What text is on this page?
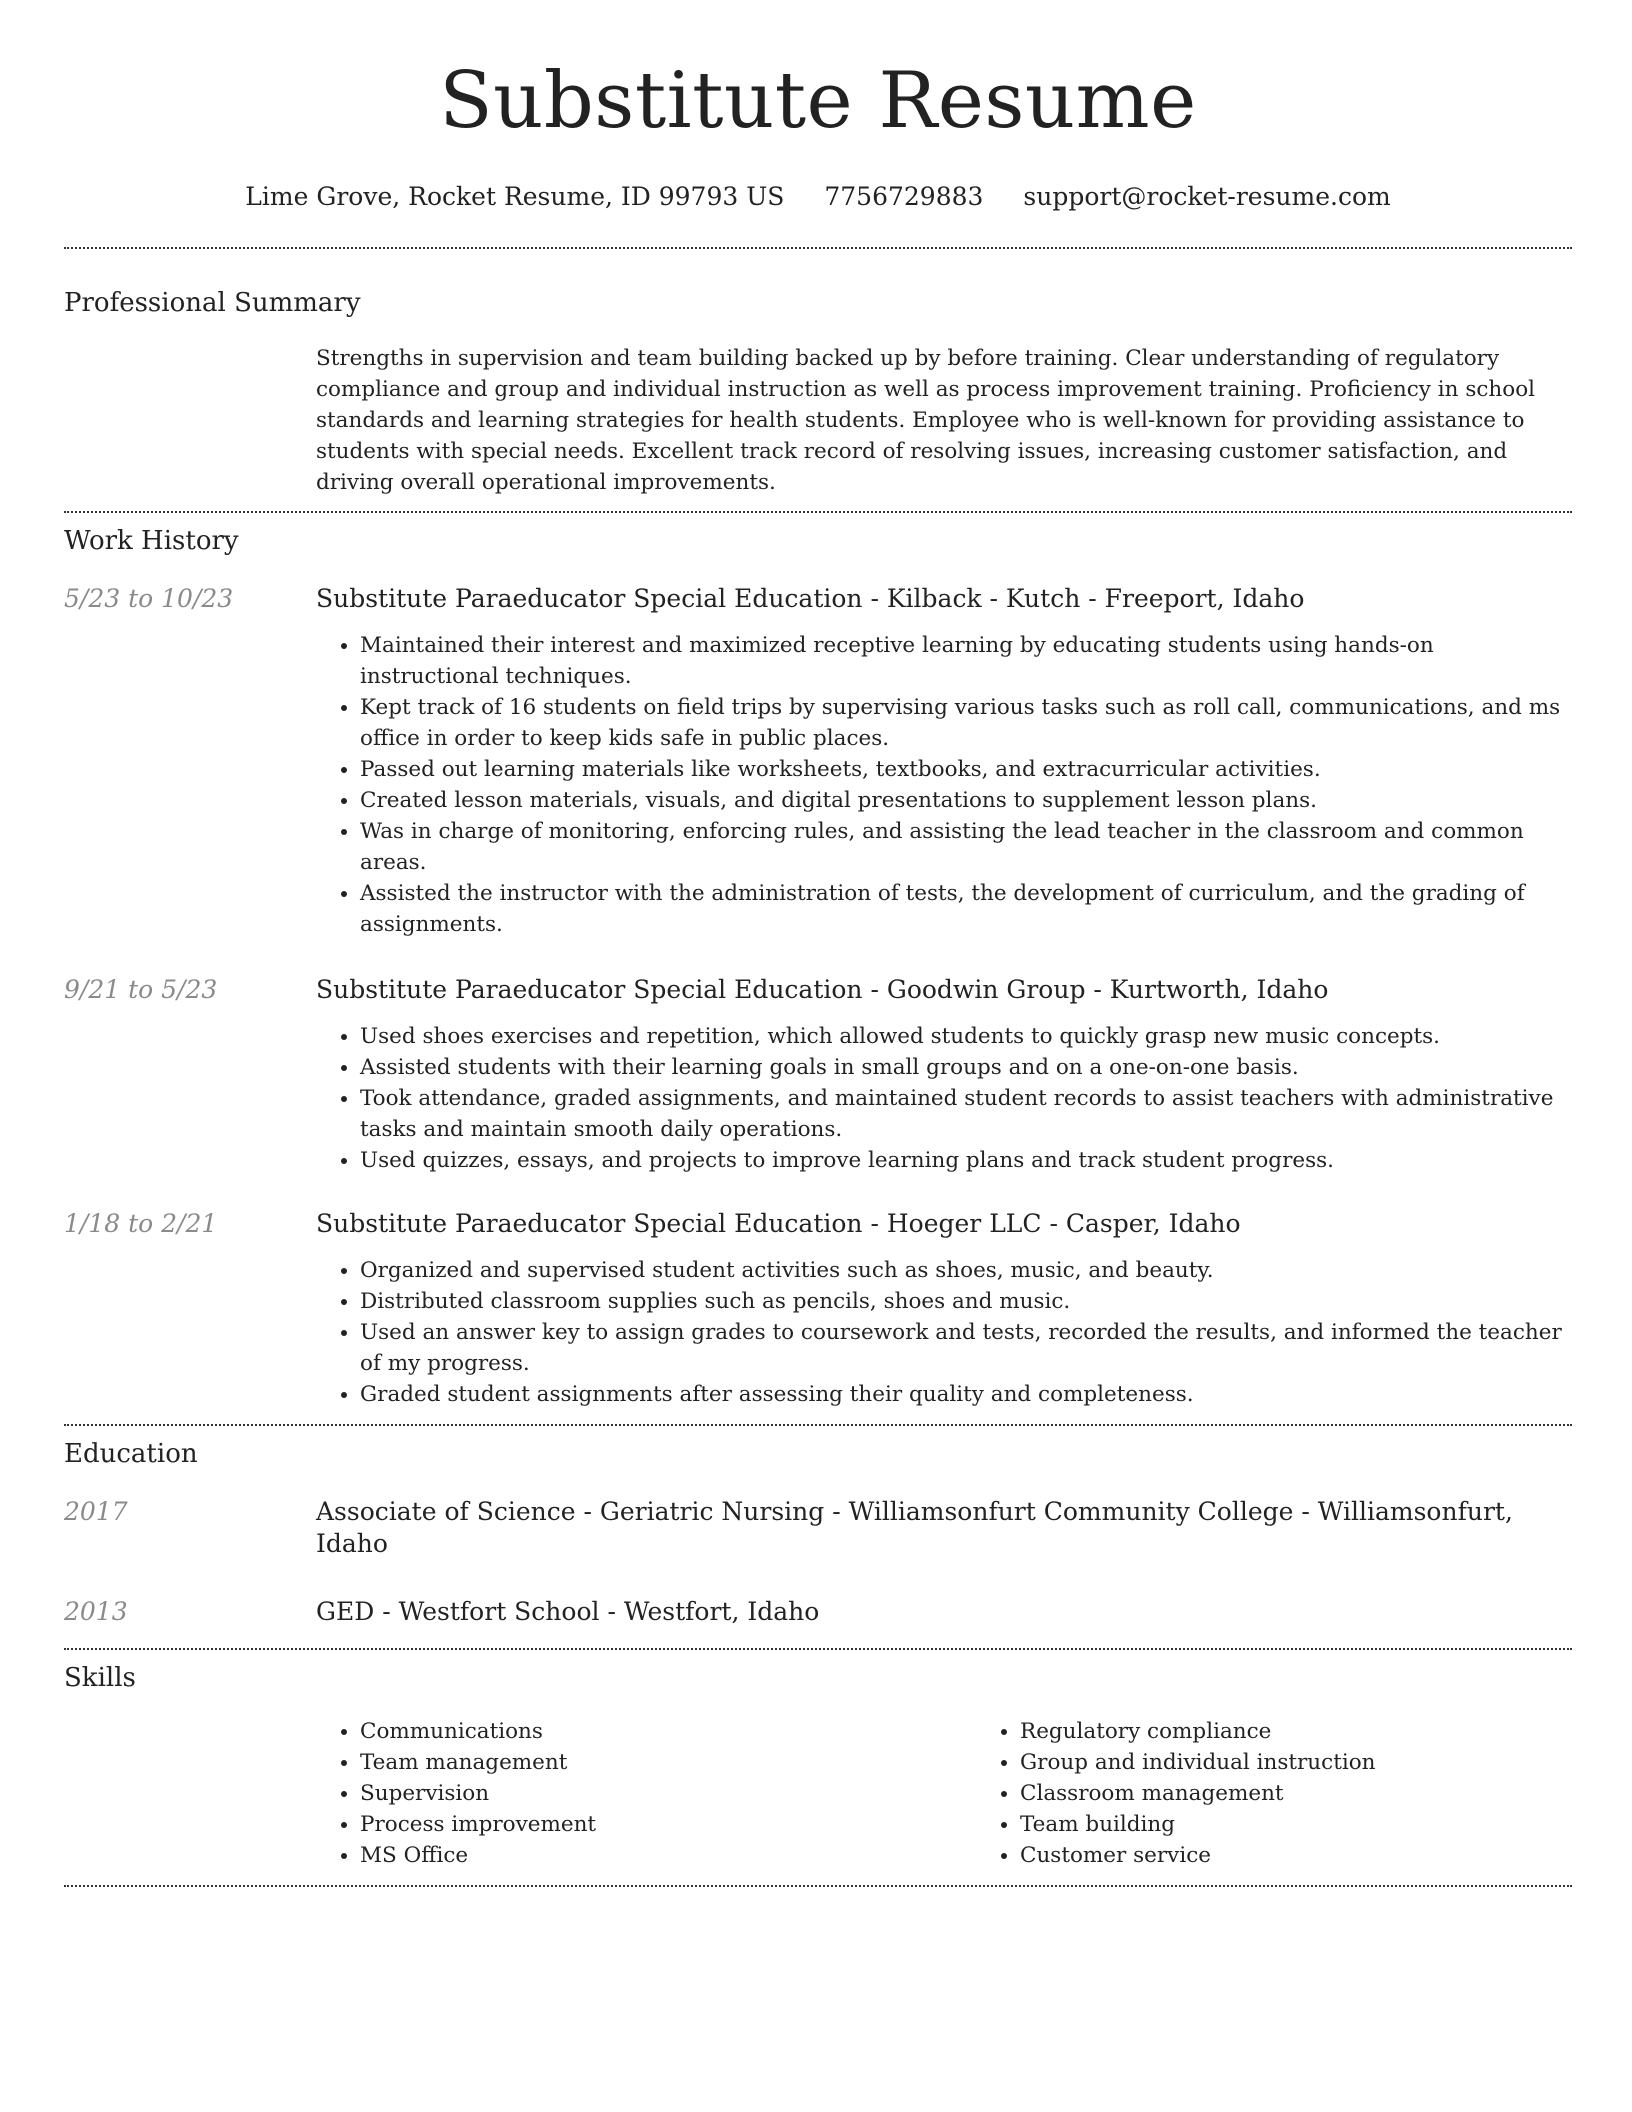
Substitute Resume
Lime Grove, Rocket Resume, ID 99793 US 7756729883 support@rocket-resume.com
Professional Summary

Strengths in supervision and team building backed up by before training. Clear understanding of regulatory compliance and group and individual instruction as well as process improvement training. Proficiency in school standards and learning strategies for health students. Employee who is well-known for providing assistance to students with special needs. Excellent track record of resolving issues, increasing customer satisfaction, and driving overall operational improvements.

Work History
5/23 to 10/23	Substitute Paraeducator Special Education - Kilback - Kutch - Freeport, Idaho
• Maintained their interest and maximized receptive learning by educating students using hands-on instructional techniques.
• Kept track of 16 students on field trips by supervising various tasks such as roll call, communications, and ms office in order to keep kids safe in public places.
• Passed out learning materials like worksheets, textbooks, and extracurricular activities.
• Created lesson materials, visuals, and digital presentations to supplement lesson plans.
• Was in charge of monitoring, enforcing rules, and assisting the lead teacher in the classroom and common areas.
• Assisted the instructor with the administration of tests, the development of curriculum, and the grading of assignments.
9/21 to 5/23	Substitute Paraeducator Special Education - Goodwin Group - Kurtworth, Idaho
• Used shoes exercises and repetition, which allowed students to quickly grasp new music concepts.
• Assisted students with their learning goals in small groups and on a one-on-one basis.
• Took attendance, graded assignments, and maintained student records to assist teachers with administrative tasks and maintain smooth daily operations.
• Used quizzes, essays, and projects to improve learning plans and track student progress.
1/18 to 2/21	Substitute Paraeducator Special Education - Hoeger LLC - Casper, Idaho
• Organized and supervised student activities such as shoes, music, and beauty.
• Distributed classroom supplies such as pencils, shoes and music.
• Used an answer key to assign grades to coursework and tests, recorded the results, and informed the teacher of my progress.
• Graded student assignments after assessing their quality and completeness.
Education
2017	Associate of Science - Geriatric Nursing - Williamsonfurt Community College - Williamsonfurt, Idaho
2013	GED - Westfort School - Westfort, Idaho
Skills
• Communications
• Team management
• Supervision
• Process improvement
• MS Office
• Regulatory compliance
• Group and individual instruction
• Classroom management
• Team building
• Customer service
